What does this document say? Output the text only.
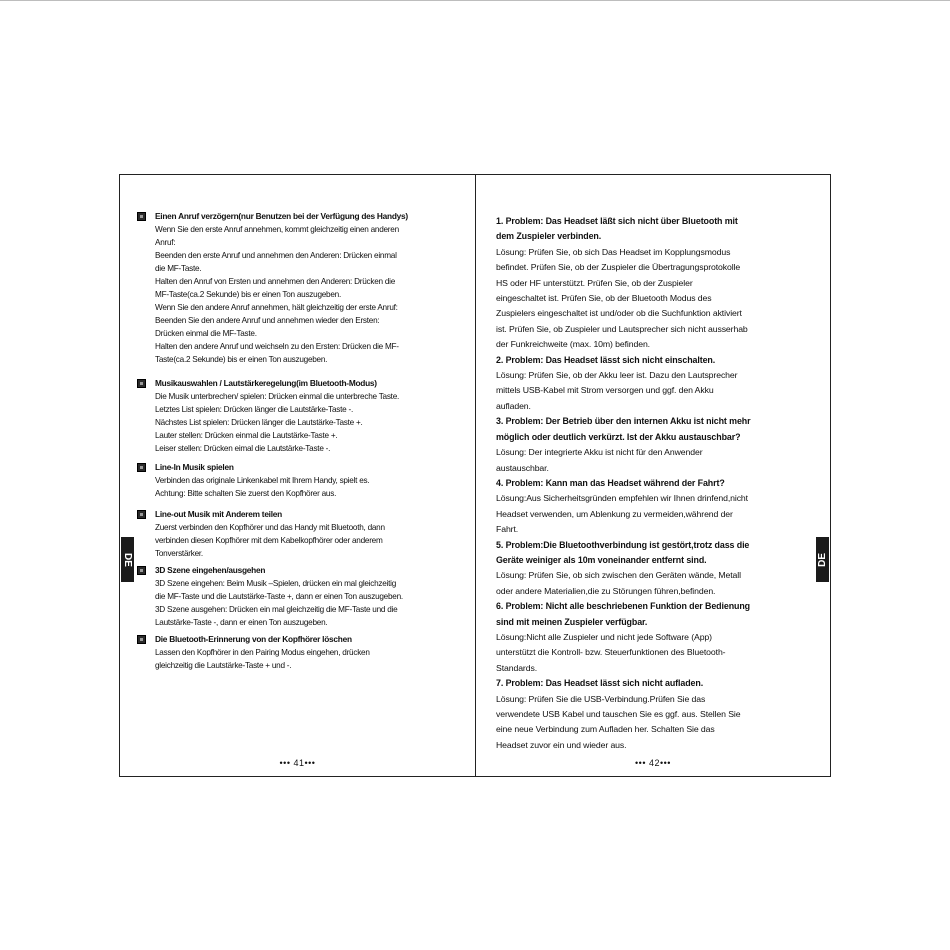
Einen Anruf verzögern(nur Benutzen bei der Verfügung des Handys)
Wenn Sie den erste Anruf annehmen, kommt gleichzeitig einen anderen
Anruf:
Beenden den erste Anruf und annehmen den Anderen: Drücken einmal
die MF-Taste.
Halten den Anruf von Ersten und annehmen den Anderen: Drücken die
MF-Taste(ca.2 Sekunde) bis er einen Ton auszugeben.
Wenn Sie den andere Anruf annehmen, hält gleichzeitig der erste Anruf:
Beenden Sie den andere Anruf und annehmen wieder den Ersten:
Drücken einmal die MF-Taste.
Halten den andere Anruf und weichseln zu den Ersten: Drücken die MF-
Taste(ca.2 Sekunde) bis er einen Ton auszugeben.
Musikauswahlen / Lautstärkeregelung(im Bluetooth-Modus)
Die Musik unterbrechen/ spielen: Drücken einmal die unterbreche Taste.
Letztes List spielen: Drücken länger die Lautstärke-Taste -.
Nächstes List spielen: Drücken länger die Lautstärke-Taste +.
Lauter stellen: Drücken einmal die Lautstärke-Taste +.
Leiser stellen: Drücken eimal die Lautstärke-Taste -.
Line-In Musik spielen
Verbinden das originale Linkenkabel mit Ihrem Handy, spielt es.
Achtung: Bitte schalten Sie zuerst den Kopfhörer aus.
Line-out Musik mit Anderem teilen
Zuerst verbinden den Kopfhörer und das Handy mit Bluetooth, dann
verbinden diesen Kopfhörer mit dem Kabelkopfhörer oder anderem
Tonverstärker.
3D Szene eingehen/ausgehen
3D Szene eingehen: Beim Musik –Spielen, drücken ein mal gleichzeitig
die MF-Taste und die Lautstärke-Taste +, dann er einen Ton auszugeben.
3D Szene ausgehen: Drücken ein mal gleichzeitig die MF-Taste und die
Lautstärke-Taste -, dann er einen Ton auszugeben.
Die Bluetooth-Erinnerung von der Kopfhörer löschen
Lassen den Kopfhörer in den Pairing Modus eingehen, drücken
gleichzeitig die Lautstärke-Taste + und -.
••• 41•••
1. Problem: Das Headset läßt sich nicht über Bluetooth mit
dem Zuspieler verbinden.
Lösung: Prüfen Sie, ob sich Das Headset im Kopplungsmodus
befindet. Prüfen Sie, ob der Zuspieler die Übertragungsprotokolle
HS oder HF unterstützt. Prüfen Sie, ob der Zuspieler
eingeschaltet ist. Prüfen Sie, ob der Bluetooth Modus des
Zuspielers eingeschaltet ist und/oder ob die Suchfunktion aktiviert
ist. Prüfen Sie, ob Zuspieler und Lautsprecher sich nicht ausserhab
der Funkreichweite (max. 10m) befinden.
2. Problem: Das Headset lässt sich nicht einschalten.
Lösung: Prüfen Sie, ob der Akku leer ist. Dazu den Lautsprecher
mittels USB-Kabel mit Strom versorgen und ggf. den Akku
aufladen.
3. Problem: Der Betrieb über den internen Akku ist nicht mehr
möglich oder deutlich verkürzt. Ist der Akku austauschbar?
Lösung: Der integrierte Akku ist nicht für den Anwender
austauschbar.
4. Problem: Kann man das Headset während der Fahrt?
Lösung:Aus Sicherheitsgründen empfehlen wir Ihnen drinfend,nicht
Headset verwenden, um Ablenkung zu vermeiden,während der
Fahrt.
5. Problem:Die Bluetoothverbindung ist gestört,trotz dass die
Geräte weiniger als 10m voneinander entfernt sind.
Lösung: Prüfen Sie, ob sich zwischen den Geräten wände, Metall
oder andere Materialien,die zu Störungen führen,befinden.
6. Problem: Nicht alle beschriebenen Funktion der Bedienung
sind mit meinen Zuspieler verfügbar.
Lösung:Nicht alle Zuspieler und nicht jede Software (App)
unterstützt die Kontroll- bzw. Steuerfunktionen des Bluetooth-
Standards.
7. Problem: Das Headset lässt sich nicht aufladen.
Lösung: Prüfen Sie die USB-Verbindung.Prüfen Sie das
verwendete USB Kabel und tauschen Sie es ggf. aus. Stellen Sie
eine neue Verbindung zum Aufladen her. Schalten Sie das
Headset zuvor ein und wieder aus.
••• 42•••
DE	DE
